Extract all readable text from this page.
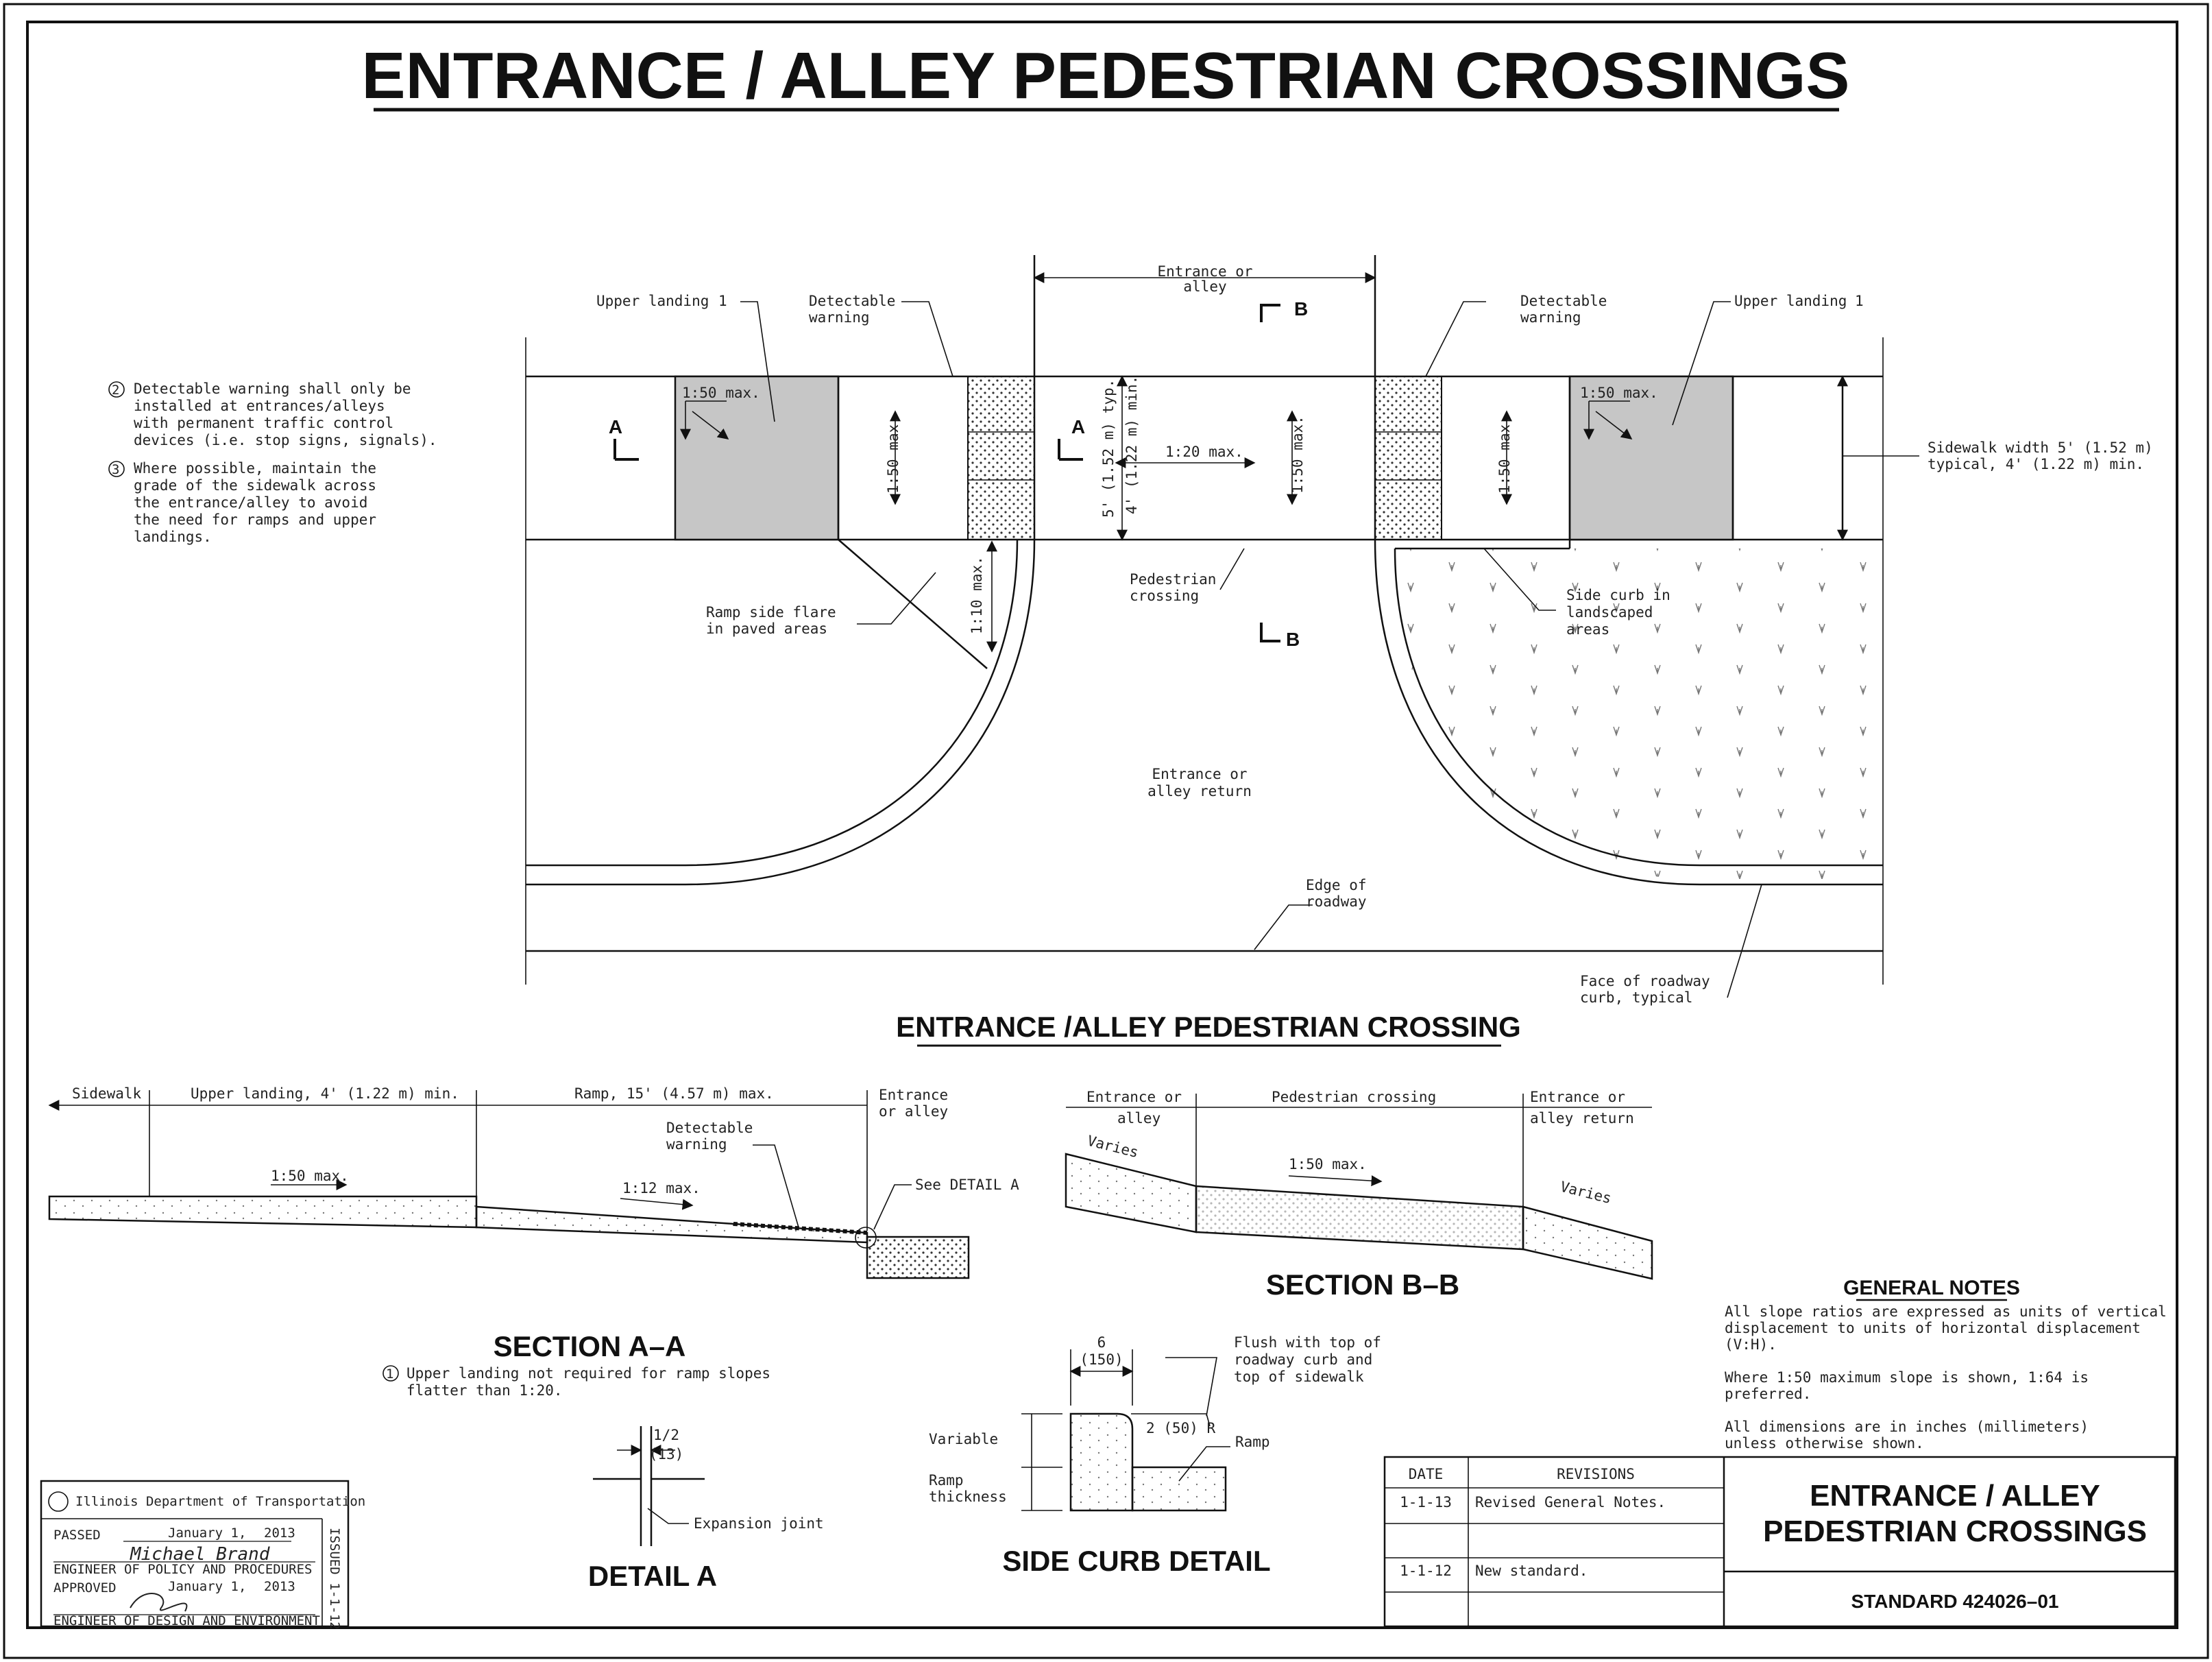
ENTRANCE / ALLEY PEDESTRIAN CROSSINGS
Entrance or
alley
Upper landing 1	Detectable
warning
Detectable
warning
Upper landing 1
1:50 max.	1:50 max.
1:50 max.	1:50 max.	1:50 max.
1:20 max.
1:10 max.
5' (1.52 m) typ. 4' (1.22 m) min.
A	A
B
B
Pedestrian
crossing
Ramp side flare
in paved areas
Side curb in
landscaped
areas
Entrance or
alley return
Edge of
roadway
Face of roadway
curb, typical
Sidewalk width 5' (1.52 m)
typical, 4' (1.22 m) min.
ENTRANCE /ALLEY PEDESTRIAN CROSSING
2 Detectable warning shall only be
installed at entrances/alleys
with permanent traffic control
devices (i.e. stop signs, signals).
3 Where possible, maintain the
grade of the sidewalk across
the entrance/alley to avoid
the need for ramps and upper
landings.
Sidewalk	Upper landing, 4' (1.22 m) min.	Ramp, 15' (4.57 m) max.	Entrance
or alley
Detectable
warning
1:50 max.
1:12 max.	See DETAIL A
SECTION A–A
1 Upper landing not required for ramp slopes
flatter than 1:20.
Entrance or
alley
Pedestrian crossing	Entrance or
alley return
Varies
Varies
1:50 max.
SECTION B–B	GENERAL NOTES
All slope ratios are expressed as units of vertical
displacement to units of horizontal displacement
(V:H).
Where 1:50 maximum slope is shown, 1:64 is
preferred.
All dimensions are in inches (millimeters)
unless otherwise shown.
1/2
(13)
Expansion joint
DETAIL A
6
(150)
Flush with top of
roadway curb and
top of sidewalk
2 (50) R
Variable	Ramp
Ramp
thickness
SIDE CURB DETAIL
Illinois Department of Transportation
PASSED	January 1, 2013
Michael Brand
ENGINEER OF POLICY AND PROCEDURES
APPROVED	January 1, 2013
ENGINEER OF DESIGN AND ENVIRONMENT ISSUED 1-1-12
DATE	REVISIONS
1-1-13 Revised General Notes.
1-1-12 New standard.
ENTRANCE / ALLEY
PEDESTRIAN CROSSINGS
STANDARD 424026–01
